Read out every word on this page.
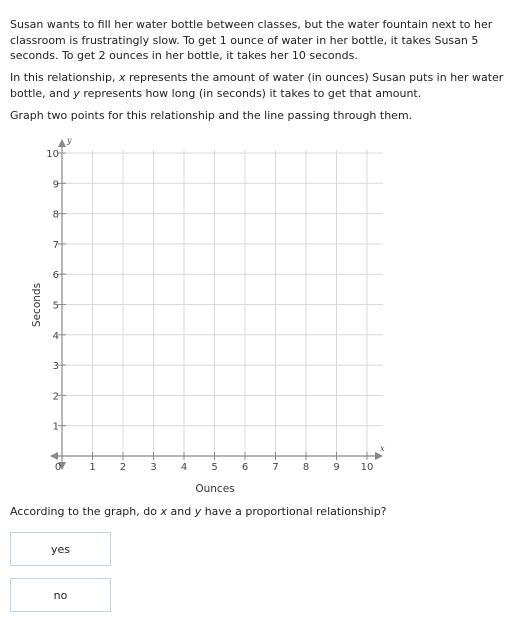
Susan wants to fill her water bottle between classes, but the water fountain next to her classroom is frustratingly slow. To get 1 ounce of water in her bottle, it takes Susan 5 seconds. To get 2 ounces in her bottle, it takes her 10 seconds.

In this relationship, x represents the amount of water (in ounces) Susan puts in her water bottle, and y represents how long (in seconds) it takes to get that amount.

Graph two points for this relationship and the line passing through them.

0	1 2 3 4 5 6 7 8 9 10
1
2
3
4
5
6
7
8
9
10
x
y
Ounces
Seconds

According to the graph, do x and y have a proportional relationship?

yes
no
